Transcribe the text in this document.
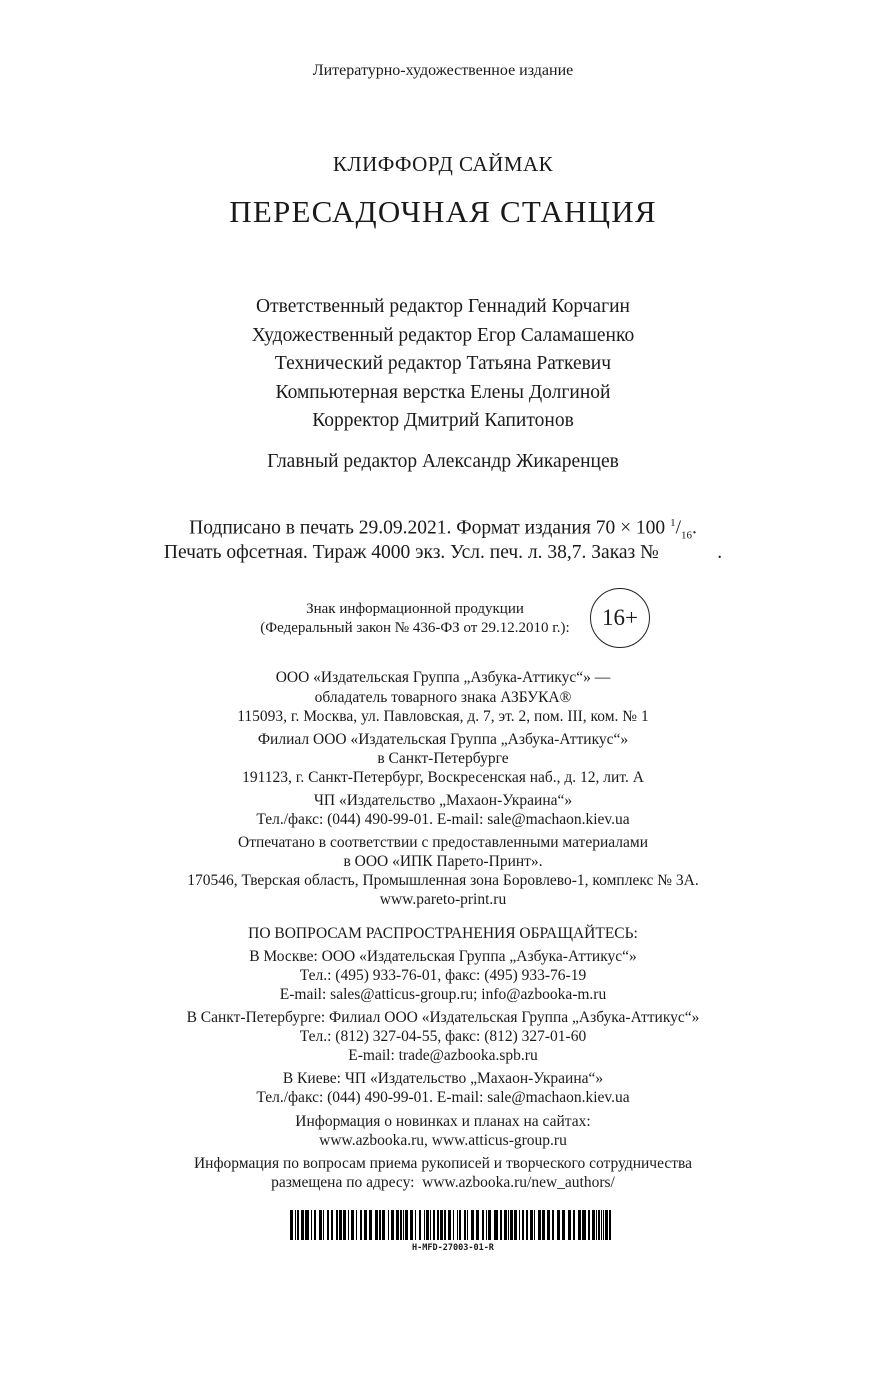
Литературно-художественное издание
КЛИФФОРД САЙМАК
ПЕРЕСАДОЧНАЯ СТАНЦИЯ
Ответственный редактор Геннадий Корчагин
Художественный редактор Егор Саламашенко
Технический редактор Татьяна Раткевич
Компьютерная верстка Елены Долгиной
Корректор Дмитрий Капитонов
Главный редактор Александр Жикаренцев
Подписано в печать 29.09.2021. Формат издания 70 × 100 $^1/_{16}$.
Печать офсетная. Тираж 4000 экз. Усл. печ. л. 38,7. Заказ №            .
Знак информационной продукции
(Федеральный закон № 436-ФЗ от 29.12.2010 г.):	16+
ООО «Издательская Группа „Азбука-Аттикус“» —
обладатель товарного знака АЗБУКА®
115093, г. Москва, ул. Павловская, д. 7, эт. 2, пом. III, ком. № 1
Филиал ООО «Издательская Группа „Азбука-Аттикус“»
в Санкт-Петербурге
191123, г. Санкт-Петербург, Воскресенская наб., д. 12, лит. А
ЧП «Издательство „Махаон-Украина“»
Тел./факс: (044) 490-99-01. E-mail: sale@machaon.kiev.ua
Отпечатано в соответствии с предоставленными материалами
в ООО «ИПК Парето-Принт».
170546, Тверская область, Промышленная зона Боровлево-1, комплекс № 3А.
www.pareto-print.ru
ПО ВОПРОСАМ РАСПРОСТРАНЕНИЯ ОБРАЩАЙТЕСЬ:
В Москве: ООО «Издательская Группа „Азбука-Аттикус“»
Тел.: (495) 933-76-01, факс: (495) 933-76-19
E-mail: sales@atticus-group.ru; info@azbooka-m.ru
В Санкт-Петербурге: Филиал ООО «Издательская Группа „Азбука-Аттикус“»
Тел.: (812) 327-04-55, факс: (812) 327-01-60
E-mail: trade@azbooka.spb.ru
В Киеве: ЧП «Издательство „Махаон-Украина“»
Тел./факс: (044) 490-99-01. E-mail: sale@machaon.kiev.ua
Информация о новинках и планах на сайтах:
www.azbooka.ru, www.atticus-group.ru
Информация по вопросам приема рукописей и творческого сотрудничества
размещена по адресу:  www.azbooka.ru/new_authors/
H-MFD-27003-01-R
